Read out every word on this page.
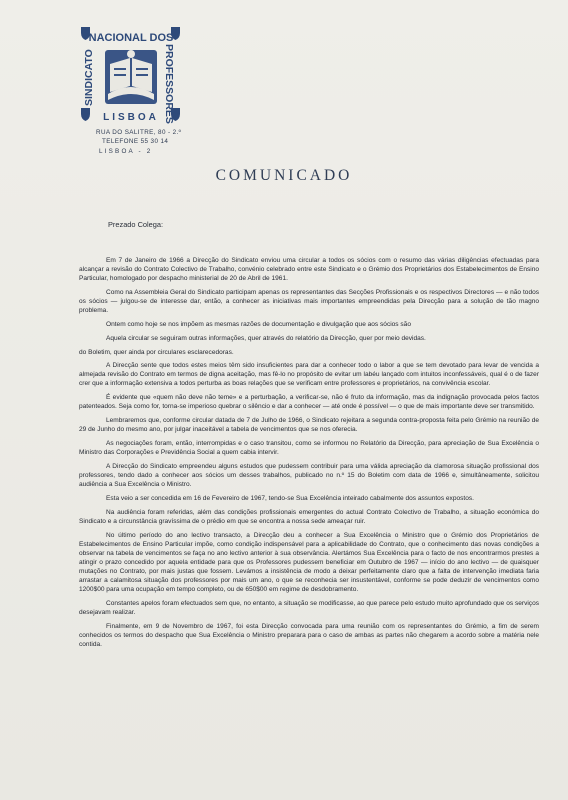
NACIONAL DOS
SINDICATO	PROFESSORES
LISBOA
RUA DO SALITRE, 80 - 2.º
TELEFONE 55 30 14
LISBOA - 2
COMUNICADO
Prezado Colega:

Em 7 de Janeiro de 1966 a Direcção do Sindicato enviou uma circular a todos os sócios com o resumo das várias diligências efectuadas para alcançar a revisão do Contrato Colectivo de Trabalho, convénio celebrado entre este Sindicato e o Grémio dos Proprietários dos Estabelecimentos de Ensino Particular, homologado por despacho ministerial de 20 de Abril de 1961.

Como na Assembleia Geral do Sindicato participam apenas os representantes das Secções Profissionais e os respectivos Directores — e não todos os sócios — julgou-se de interesse dar, então, a conhecer as iniciativas mais importantes empreendidas pela Direcção para a solução de tão magno problema.

Ontem como hoje se nos impõem as mesmas razões de documentação e divulgação que aos sócios são

Aquela circular se seguiram outras informações, quer através do relatório da Direcção, quer por meio devidas.

do Boletim, quer ainda por circulares esclarecedoras.

A Direcção sente que todos estes meios têm sido insuficientes para dar a conhecer todo o labor a que se tem devotado para levar de vencida a almejada revisão do Contrato em termos de digna aceitação, mas fê-lo no propósito de evitar um labéu lançado com intuitos inconfessáveis, qual é o de fazer crer que a informação extensiva a todos perturba as boas relações que se verificam entre professores e proprietários, na convivência escolar.

É evidente que «quem não deve não teme» e a perturbação, a verificar-se, não é fruto da informação, mas da indignação provocada pelos factos patenteados. Seja como for, torna-se imperioso quebrar o silêncio e dar a conhecer — até onde é possível — o que de mais importante deve ser transmitido.

Lembraremos que, conforme circular datada de 7 de Julho de 1966, o Sindicato rejeitara a segunda contra-proposta feita pelo Grémio na reunião de 29 de Junho do mesmo ano, por julgar inaceitável a tabela de vencimentos que se nos oferecia.

As negociações foram, então, interrompidas e o caso transitou, como se informou no Relatório da Direcção, para apreciação de Sua Excelência o Ministro das Corporações e Previdência Social a quem cabia intervir.

A Direcção do Sindicato empreendeu alguns estudos que pudessem contribuir para uma válida apreciação da clamorosa situação profissional dos professores, tendo dado a conhecer aos sócios um desses trabalhos, publicado no n.º 15 do Boletim com data de 1966 e, simultâneamente, solicitou audiência a Sua Excelência o Ministro.

Esta veio a ser concedida em 16 de Fevereiro de 1967, tendo-se Sua Excelência inteirado cabalmente dos assuntos expostos.

Na audiência foram referidas, além das condições profissionais emergentes do actual Contrato Colectivo de Trabalho, a situação económica do Sindicato e a circunstância gravíssima de o prédio em que se encontra a nossa sede ameaçar ruir.

No último período do ano lectivo transacto, a Direcção deu a conhecer a Sua Excelência o Ministro que o Grémio dos Proprietários de Estabelecimentos de Ensino Particular impõe, como condição indispensável para a aplicabilidade do Contrato, que o conhecimento das novas condições a observar na tabela de vencimentos se faça no ano lectivo anterior à sua observância. Alertámos Sua Excelência para o facto de nos encontrarmos prestes a atingir o prazo concedido por aquela entidade para que os Professores pudessem beneficiar em Outubro de 1967 — início do ano lectivo — de quaisquer mutações no Contrato, por mais justas que fossem. Levámos a insistência de modo a deixar perfeitamente claro que a falta de intervenção imediata faria arrastar a calamitosa situação dos professores por mais um ano, o que se reconhecia ser insustentável, conforme se pode deduzir de vencimentos como 1200$00 para uma ocupação em tempo completo, ou de 650$00 em regime de desdobramento.

Constantes apelos foram efectuados sem que, no entanto, a situação se modificasse, ao que parece pelo estudo muito aprofundado que os serviços desejavam realizar.

Finalmente, em 9 de Novembro de 1967, foi esta Direcção convocada para uma reunião com os representantes do Grémio, a fim de serem conhecidos os termos do despacho que Sua Excelência o Ministro preparara para o caso de ambas as partes não chegarem a acordo sobre a matéria nele contida.
